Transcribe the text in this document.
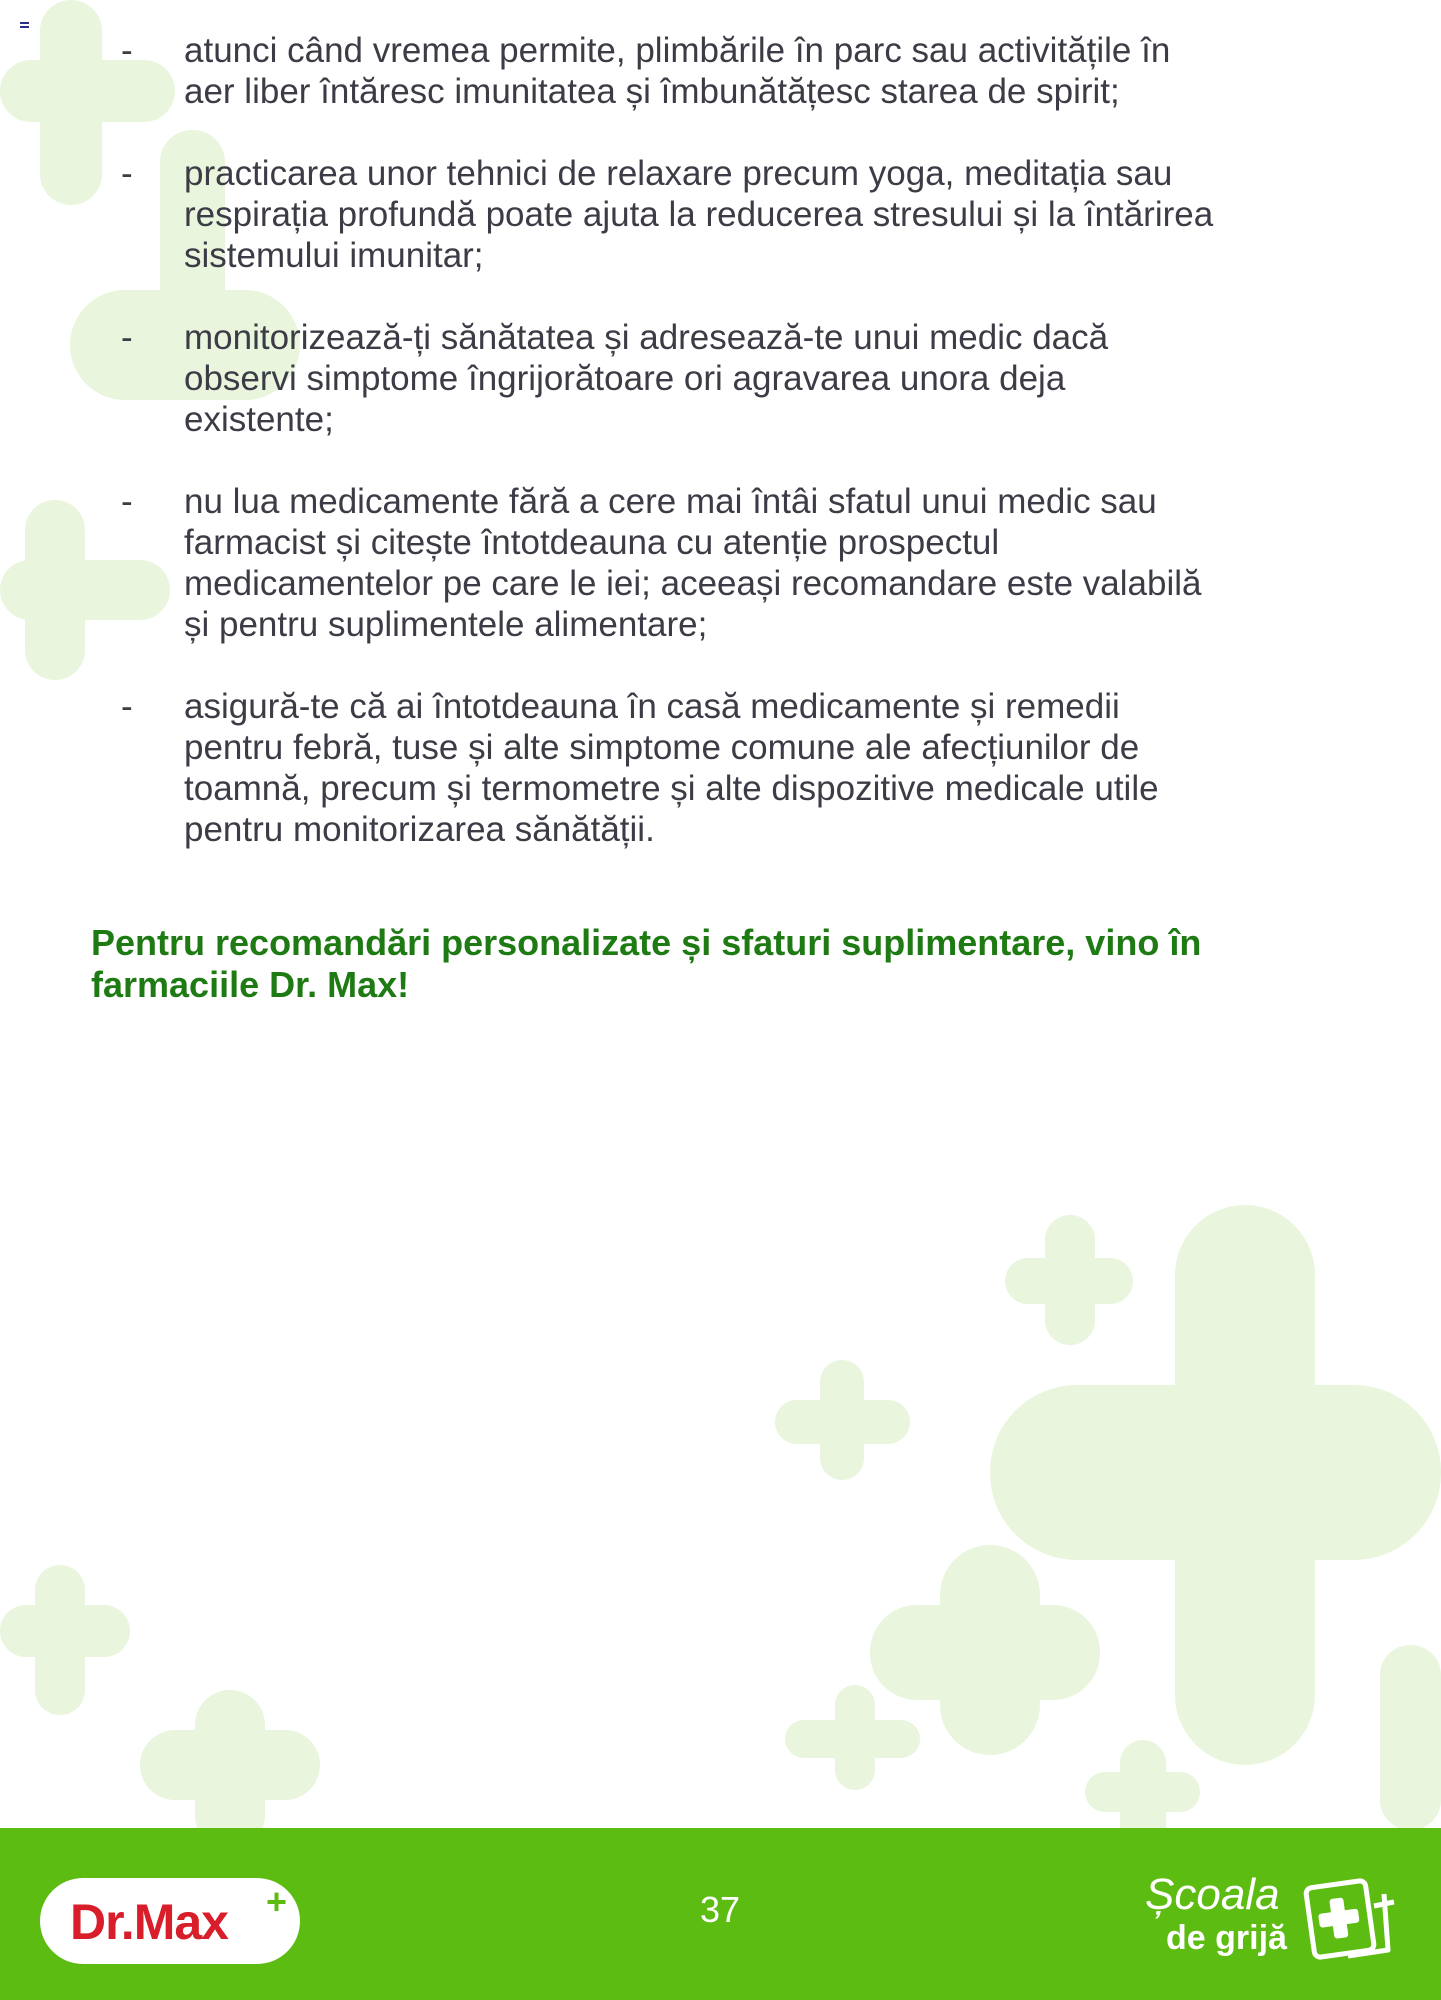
- atunci când vremea permite, plimbările în parc sau activitățile în
aer liber întăresc imunitatea și îmbunătățesc starea de spirit;
- practicarea unor tehnici de relaxare precum yoga, meditația sau
respirația profundă poate ajuta la reducerea stresului și la întărirea
sistemului imunitar;
- monitorizează-ți sănătatea și adresează-te unui medic dacă
observi simptome îngrijorătoare ori agravarea unora deja
existente;
- nu lua medicamente fără a cere mai întâi sfatul unui medic sau
farmacist și citește întotdeauna cu atenție prospectul
medicamentelor pe care le iei; aceeași recomandare este valabilă
și pentru suplimentele alimentare;
- asigură-te că ai întotdeauna în casă medicamente și remedii
pentru febră, tuse și alte simptome comune ale afecțiunilor de
toamnă, precum și termometre și alte dispozitive medicale utile
pentru monitorizarea sănătății.

Pentru recomandări personalizate și sfaturi suplimentare, vino în
farmaciile Dr. Max!

Dr.Max +	37	Școala
de grijă
